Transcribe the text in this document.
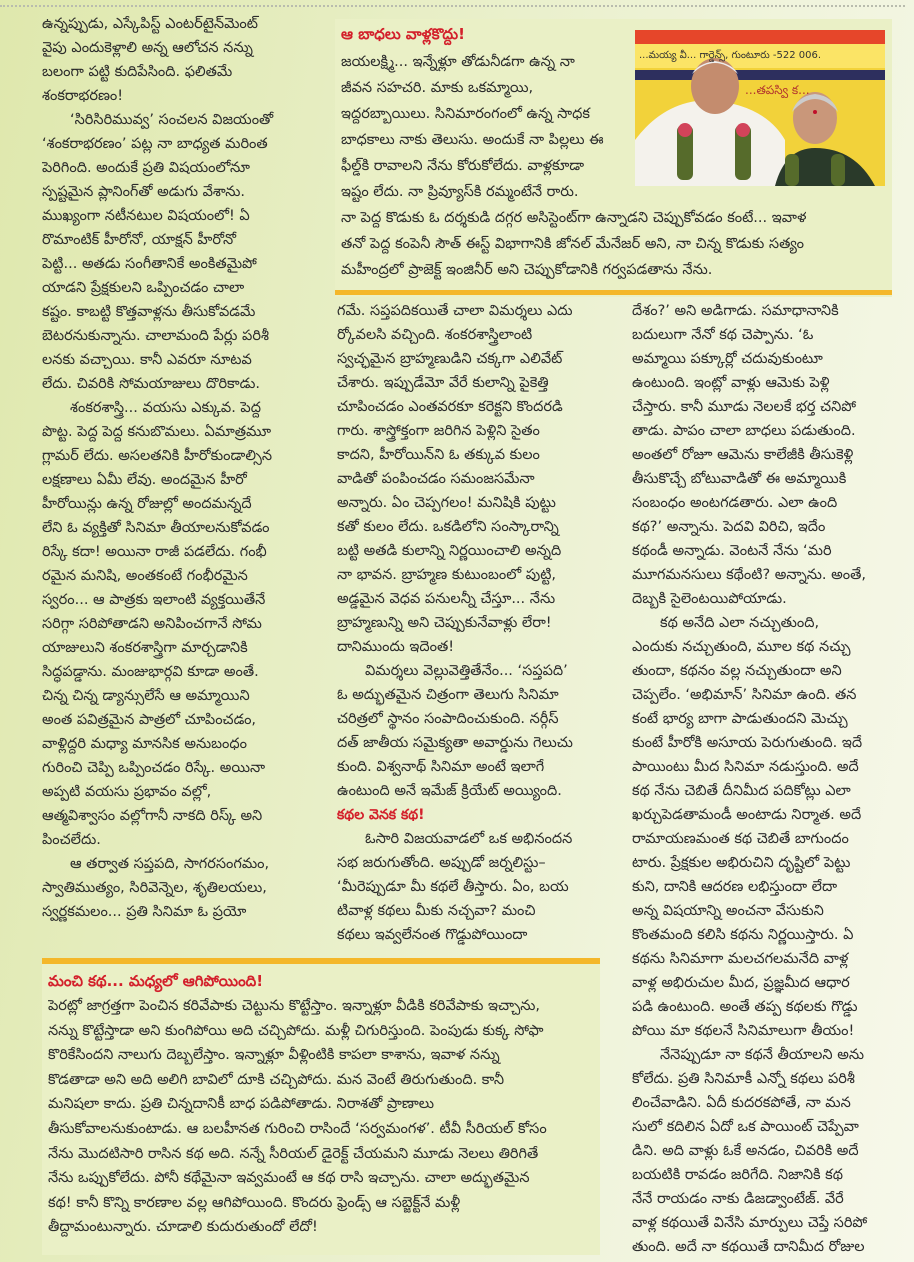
ఉన్నప్పుడు, ఎస్కేపిస్ట్ ఎంటర్‌టైన్‌మెంట్
వైపు ఎందుకెళ్లాలి అన్న ఆలోచన నన్ను
బలంగా పట్టి కుదిపేసింది. ఫలితమే
శంకరాభరణం!
‘సిరిసిరిమువ్వ’ సంచలన విజయంతో
‘శంకరాభరణం’ పట్ల నా బాధ్యత మరింత
పెరిగింది. అందుకే ప్రతి విషయంలోనూ
స్పష్టమైన ప్లానింగ్‌తో అడుగు వేశాను.
ముఖ్యంగా నటీనటుల విషయంలో! ఏ
రొమాంటిక్ హీరోనో, యాక్షన్ హీరోనో
పెట్టి... అతడు సంగీతానికే అంకితమైపో
యాడని ప్రేక్షకులని ఒప్పించడం చాలా
కష్టం. కాబట్టి కొత్తవాళ్లను తీసుకోవడమే
బెటరనుకున్నాను. చాలామంది పేర్లు పరిశీ
లనకు వచ్చాయి. కానీ ఎవరూ నూటవ
లేదు. చివరికి సోమయాజులు దొరికాడు.
శంకరశాస్త్రి... వయసు ఎక్కువ. పెద్ద
పొట్ట. పెద్ద పెద్ద కనుబొమలు. ఏమాత్రమూ
గ్లామర్ లేదు. అసలతనికి హీరోకుండాల్సిన
లక్షణాలు ఏమీ లేవు. అందమైన హీరో
హీరోయిన్లు ఉన్న రోజుల్లో అందమన్నదే
లేని ఓ వ్యక్తితో సినిమా తీయాలనుకోవడం
రిస్కే కదా! అయినా రాజీ పడలేదు. గంభీ
రమైన మనిషి, అంతకంటే గంభీరమైన
స్వరం... ఆ పాత్రకు ఇలాంటి వ్యక్తయితేనే
సరిగ్గా సరిపోతాడని అనిపించగానే సోమ
యాజులుని శంకరశాస్త్రిగా మార్చడానికి
సిద్ధపడ్డాను. మంజుభార్గవి కూడా అంతే.
చిన్న చిన్న డ్యాన్సులేసే ఆ అమ్మాయిని
అంత పవిత్రమైన పాత్రలో చూపించడం,
వాళ్లిద్దరి మధ్యా మానసిక అనుబంధం
గురించి చెప్పి ఒప్పించడం రిస్కే. అయినా
అప్పటి వయసు ప్రభావం వల్లో,
ఆత్మవిశ్వాసం వల్లోగానీ నాకది రిస్క్ అని
పించలేదు.
ఆ తర్వాత సప్తపది, సాగరసంగమం,
స్వాతిముత్యం, సిరివెన్నెల, శృతిలయలు,
స్వర్ణకమలం... ప్రతి సినిమా ఓ ప్రయో
గమే. సప్తపదికయితే చాలా విమర్శలు ఎదు
ర్కోవలసి వచ్చింది. శంకరశాస్త్రిలాంటి
స్వచ్ఛమైన బ్రాహ్మణుడిని చక్కగా ఎలివేట్
చేశారు. ఇప్పుడేమో వేరే కులాన్ని పైకెత్తి
చూపించడం ఎంతవరకూ కరెక్టని కొందరడి
గారు. శాస్త్రోక్తంగా జరిగిన పెళ్లిని సైతం
కాదని, హీరోయిన్‌ని ఓ తక్కువ కులం
వాడితో పంపించడం సమంజసమేనా
అన్నారు. ఏం చెప్పగలం! మనిషికి పుట్టు
కతో కులం లేదు. ఒకడిలోని సంస్కారాన్ని
బట్టి అతడి కులాన్ని నిర్ణయించాలి అన్నది
నా భావన. బ్రాహ్మణ కుటుంబంలో పుట్టి,
అడ్డమైన వెధవ పనులన్నీ చేస్తూ... నేను
బ్రాహ్మణున్ని అని చెప్పుకునేవాళ్లు లేరా!
దానిముందు ఇదెంత!
విమర్శలు వెల్లువెత్తితేనేం... ‘సప్తపది’
ఓ అద్భుతమైన చిత్రంగా తెలుగు సినిమా
చరిత్రలో స్థానం సంపాదించుకుంది. నర్గీస్
దత్ జాతీయ సమైక్యతా అవార్డును గెలుచు
కుంది. విశ్వనాథ్ సినిమా అంటే ఇలాగే
ఉంటుంది అనే ఇమేజ్ క్రియేట్ అయ్యింది.
కథల వెనక కథ!
ఓసారి విజయవాడలో ఒక అభినందన
సభ జరుగుతోంది. అప్పుడో జర్నలిస్టు–
‘మీరెప్పుడూ మీ కథలే తీస్తారు. ఏం, బయ
టివాళ్ల కథలు మీకు నచ్చవా? మంచి
కథలు ఇవ్వలేనంత గొడ్డుపోయిందా
దేశం?’ అని అడిగాడు. సమాధానానికి
బదులుగా నేనో కథ చెప్పాను. ‘ఓ
అమ్మాయి పక్కూర్లో చదువుకుంటూ
ఉంటుంది. ఇంట్లో వాళ్లు ఆమెకు పెళ్లి
చేస్తారు. కానీ మూడు నెలలకే భర్త చనిపో
తాడు. పాపం చాలా బాధలు పడుతుంది.
అంతలో రోజూ ఆమెను కాలేజీకి తీసుకెళ్లి
తీసుకొచ్చే బోటువాడితో ఈ అమ్మాయికి
సంబంధం అంటగడతారు. ఎలా ఉంది
కథ?’ అన్నాను. పెదవి విరిచి, ఇదేం
కథండీ అన్నాడు. వెంటనే నేను ‘మరి
మూగమనసులు కథేంటి? అన్నాను. అంతే,
దెబ్బకి సైలెంటయిపోయాడు.
కథ అనేది ఎలా నచ్చుతుంది,
ఎందుకు నచ్చుతుంది, మూల కథ నచ్చు
తుందా, కథనం వల్ల నచ్చుతుందా అని
చెప్పలేం. ‘అభిమాన్’ సినిమా ఉంది. తన
కంటే భార్య బాగా పాడుతుందని మెచ్చు
కుంటే హీరోకి అసూయ పెరుగుతుంది. ఇదే
పాయింటు మీద సినిమా నడుస్తుంది. అదే
కథ నేను చెబితే దీనిమీద పదికోట్లు ఎలా
ఖర్చుపెడతామండీ అంటాడు నిర్మాత. అదే
రామాయణమంత కథ చెబితే బాగుందం
టారు. ప్రేక్షకుల అభిరుచిని దృష్టిలో పెట్టు
కుని, దానికి ఆదరణ లభిస్తుందా లేదా
అన్న విషయాన్ని అంచనా వేసుకుని
కొంతమంది కలిసి కథను నిర్ణయిస్తారు. ఏ
కథను సినిమాగా మలచగలమనేది వాళ్ల
వాళ్ల అభిరుచుల మీద, ప్రజ్ఞమీద ఆధార
పడి ఉంటుంది. అంతే తప్ప కథలకు గొడ్డు
పోయి మా కథలనే సినిమాలుగా తీయం!
నేనెప్పుడూ నా కథనే తీయాలని అను
కోలేదు. ప్రతి సినిమాకీ ఎన్నో కథలు పరిశీ
లించేవాడిని. ఏదీ కుదరకపోతే, నా మన
సులో కదిలిన ఏదో ఒక పాయింట్ చెప్పేవా
డిని. అది వాళ్లు ఓకే అనడం, చివరికి అదే
బయటికి రావడం జరిగేది. నిజానికి కథ
నేనే రాయడం నాకు డిజడ్వాంటేజ్. వేరే
వాళ్ల కథయితే వినేసి మార్పులు చెప్తే సరిపో
తుంది. అదే నా కథయితే దానిమీద రోజుల
ఆ బాధలు వాళ్లకొద్దు!
జయలక్ష్మి... ఇన్నేళ్లూ తోడునీడగా ఉన్న నా
జీవన సహచరి. మాకు ఒకమ్మాయి,
ఇద్దరబ్బాయిలు. సినిమారంగంలో ఉన్న సాధక
బాధకాలు నాకు తెలుసు. అందుకే నా పిల్లలు ఈ
ఫీల్డ్‌కి రావాలని నేను కోరుకోలేదు. వాళ్లకూడా
ఇష్టం లేదు. నా ప్రివ్యూస్‌కి రమ్మంటేనే రారు.
నా పెద్ద కొడుకు ఓ దర్శకుడి దగ్గర అసిస్టెంట్‌గా ఉన్నాడని చెప్పుకోవడం కంటే... ఇవాళ
తనో పెద్ద కంపెనీ సౌత్ ఈస్ట్ విభాగానికి జోనల్ మేనేజర్ అని, నా చిన్న కొడుకు సత్యం
మహీంద్రలో ప్రాజెక్ట్ ఇంజినీర్ అని చెప్పుకోడానికి గర్వపడతాను నేను.
...మయ్య వీ... గార్డెన్స్, గుంటూరు -522 006.
...తపస్వి క...
మంచి కథ... మధ్యలో ఆగిపోయింది!
పెరట్లో జాగ్రత్తగా పెంచిన కరివేపాకు చెట్టును కొట్టేస్తాం. ఇన్నాళ్లూ వీడికి కరివేపాకు ఇచ్చాను,
నన్ను కొట్టేస్తాడా అని కుంగిపోయి అది చచ్చిపోదు. మళ్లీ చిగురిస్తుంది. పెంపుడు కుక్క సోఫా
కొరికేసిందని నాలుగు దెబ్బలేస్తాం. ఇన్నాళ్లూ వీళ్లింటికి కాపలా కాశాను, ఇవాళ నన్ను
కొడతాడా అని అది అలిగి బావిలో దూకి చచ్చిపోదు. మన వెంటే తిరుగుతుంది. కానీ
మనిషలా కాదు. ప్రతి చిన్నదానికీ బాధ పడిపోతాడు. నిరాశతో ప్రాణాలు
తీసుకోవాలనుకుంటాడు. ఆ బలహీనత గురించి రాసిందే ‘సర్వమంగళ’. టీవీ సీరియల్ కోసం
నేను మొదటిసారి రాసిన కథ అది. నన్నే సీరియల్ డైరెక్ట్ చేయమని మూడు నెలలు తిరిగితే
నేను ఒప్పుకోలేదు. పోనీ కథేమైనా ఇవ్వమంటే ఆ కథ రాసి ఇచ్చాను. చాలా అద్భుతమైన
కథ! కానీ కొన్ని కారణాల వల్ల ఆగిపోయింది. కొందరు ఫ్రెండ్స్ ఆ సబ్జెక్ట్‌నే మళ్లీ
తీద్దామంటున్నారు. చూడాలి కుదురుతుందో లేదో!
